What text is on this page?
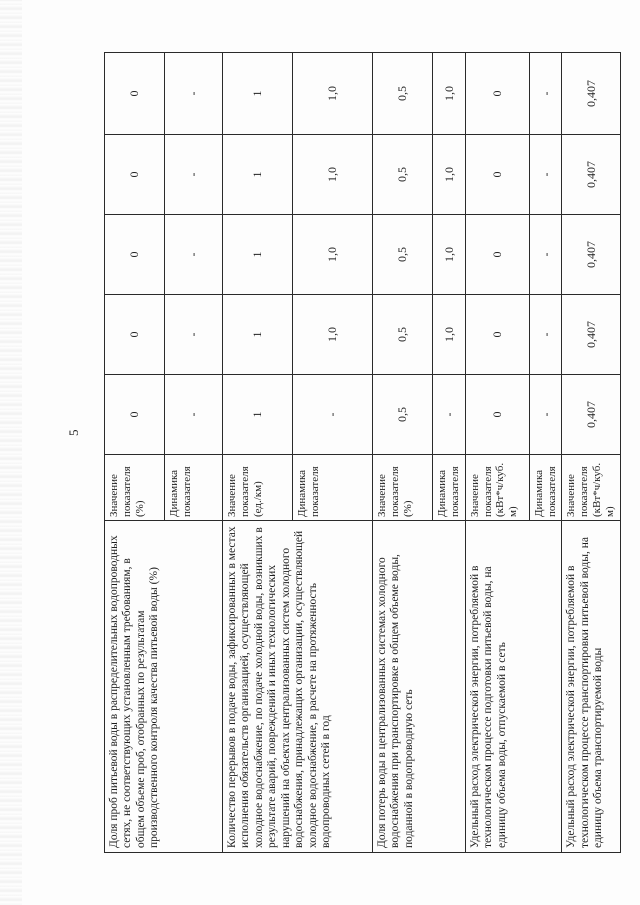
5
Доля проб питьевой воды в распределительных водопроводных сетях, не соответствующих установленным требованиям, в общем объеме проб, отобранных по результатам производственного контроля качества питьевой воды (%)	Значение показателя (%)	0	0	0	0	0
	Динамика показателя	-	-	-	-	-
Количество перерывов в подаче воды, зафиксированных в местах исполнения обязательств организацией, осуществляющей холодное водоснабжение, по подаче холодной воды, возникших в результате аварий, повреждений и иных технологических нарушений на объектах централизованных систем холодного водоснабжения, принадлежащих организации, осуществляющей холодное водоснабжение, в расчете на протяженность водопроводных сетей в год	Значение показателя (ед./км)	1	1	1	1	1
	Динамика показателя	-	1,0	1,0	1,0	1,0
Доля потерь воды в централизованных системах холодного водоснабжения при транспортировке в общем объеме воды, поданной в водопроводную сеть	Значение показателя (%)	0,5	0,5	0,5	0,5	0,5
	Динамика показателя	-	1,0	1,0	1,0	1,0
Удельный расход электрической энергии, потребляемой в технологическом процессе подготовки питьевой воды, на единицу объема воды, отпускаемой в сеть	Значение показателя (кВт*ч/куб. м)	0	0	0	0	0
	Динамика показателя	-	-	-	-	-
Удельный расход электрической энергии, потребляемой в технологическом процессе транспортировки питьевой воды, на единицу объема транспортируемой воды	Значение показателя (кВт*ч/куб. м)	0,407	0,407	0,407	0,407	0,407
